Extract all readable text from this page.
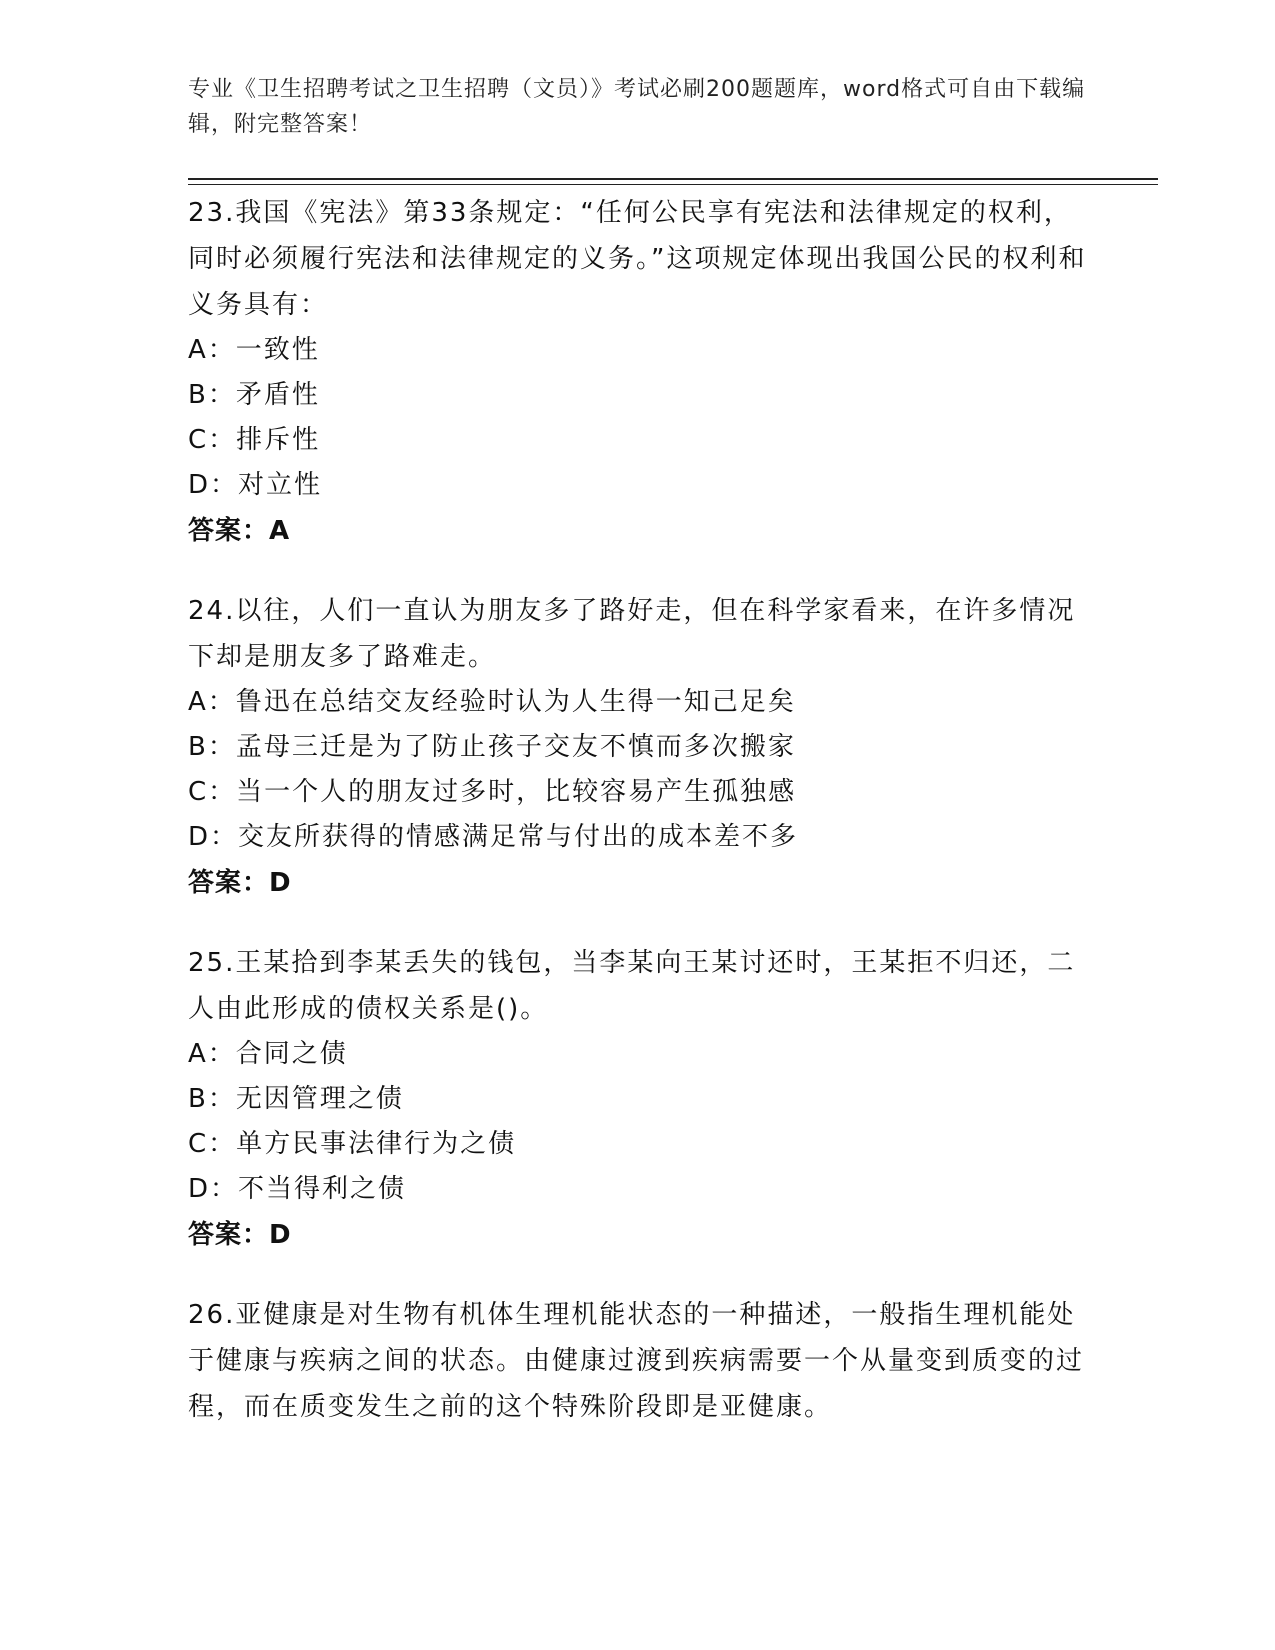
专业《卫生招聘考试之卫生招聘（文员）》考试必刷200题题库，word格式可自由下载编辑，附完整答案！

23.我国《宪法》第33条规定：“任何公民享有宪法和法律规定的权利，同时必须履行宪法和法律规定的义务。”这项规定体现出我国公民的权利和义务具有：

A：一致性

B：矛盾性

C：排斥性

D：对立性

答案：A

24.以往，人们一直认为朋友多了路好走，但在科学家看来，在许多情况下却是朋友多了路难走。

A：鲁迅在总结交友经验时认为人生得一知己足矣

B：孟母三迁是为了防止孩子交友不慎而多次搬家

C：当一个人的朋友过多时，比较容易产生孤独感

D：交友所获得的情感满足常与付出的成本差不多

答案：D

25.王某拾到李某丢失的钱包，当李某向王某讨还时，王某拒不归还，二人由此形成的债权关系是()。

A：合同之债

B：无因管理之债

C：单方民事法律行为之债

D：不当得利之债

答案：D

26.亚健康是对生物有机体生理机能状态的一种描述，一般指生理机能处于健康与疾病之间的状态。由健康过渡到疾病需要一个从量变到质变的过程，而在质变发生之前的这个特殊阶段即是亚健康。
